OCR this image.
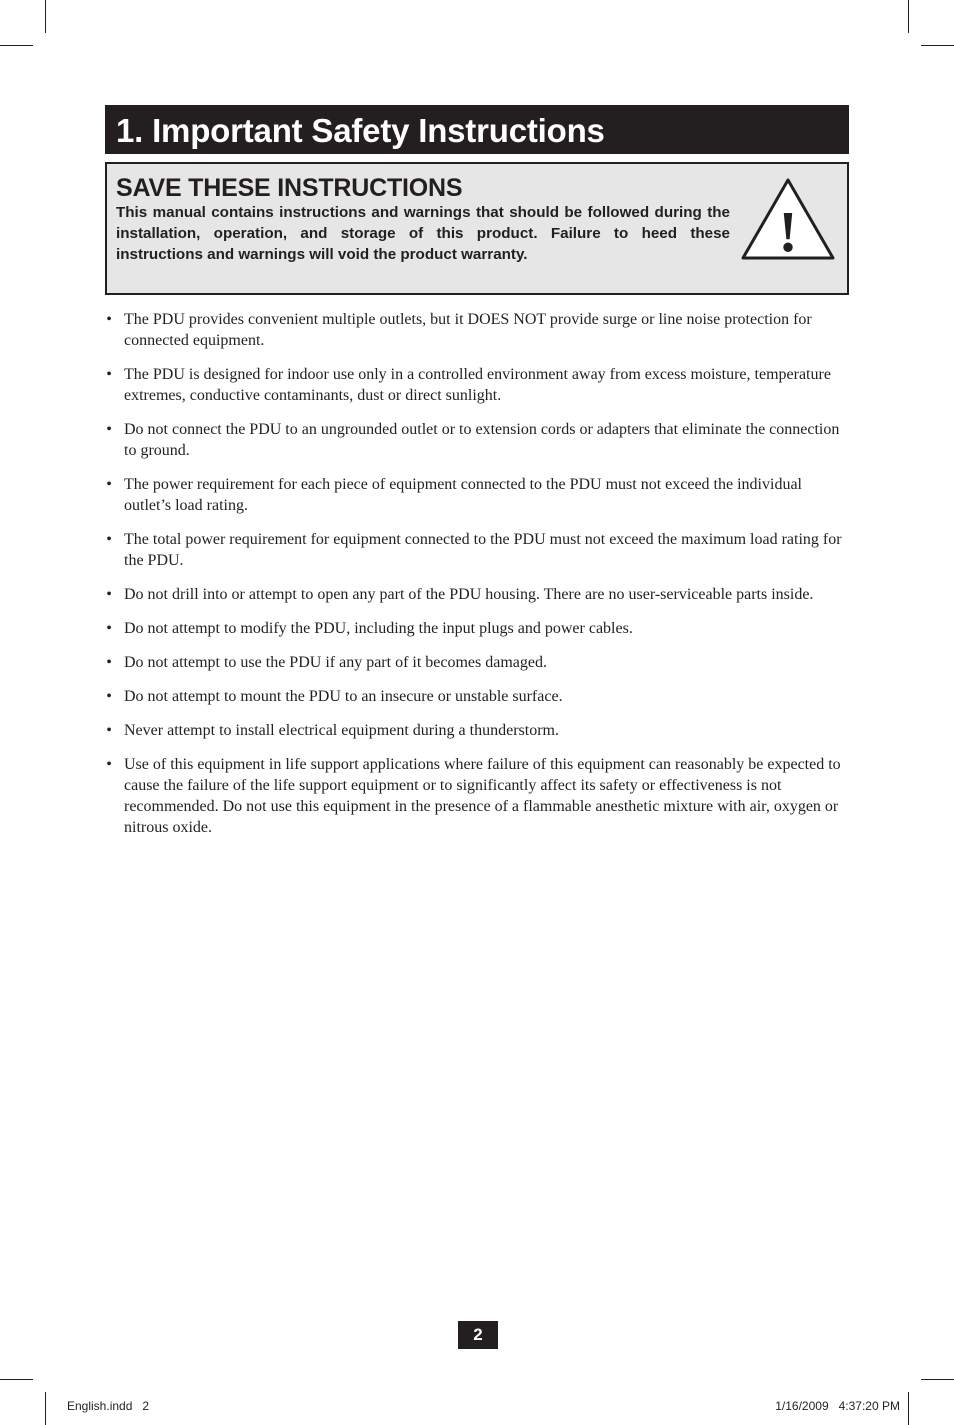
1. Important Safety Instructions
SAVE THESE INSTRUCTIONS
This manual contains instructions and warnings that should be followed during the installation, operation, and storage of this product. Failure to heed these instructions and warnings will void the product warranty.	!
• The PDU provides convenient multiple outlets, but it DOES NOT provide surge or line noise protection for connected equipment.
• The PDU is designed for indoor use only in a controlled environment away from excess moisture, temperature extremes, conductive contaminants, dust or direct sunlight.
• Do not connect the PDU to an ungrounded outlet or to extension cords or adapters that eliminate the connection to ground.
• The power requirement for each piece of equipment connected to the PDU must not exceed the individual outlet’s load rating.
• The total power requirement for equipment connected to the PDU must not exceed the maximum load rating for the PDU.
• Do not drill into or attempt to open any part of the PDU housing. There are no user-serviceable parts inside.
• Do not attempt to modify the PDU, including the input plugs and power cables.
• Do not attempt to use the PDU if any part of it becomes damaged.
• Do not attempt to mount the PDU to an insecure or unstable surface.
• Never attempt to install electrical equipment during a thunderstorm.
• Use of this equipment in life support applications where failure of this equipment can reasonably be expected to cause the failure of the life support equipment or to significantly affect its safety or effectiveness is not recommended. Do not use this equipment in the presence of a flammable anesthetic mixture with air, oxygen or nitrous oxide.
2
English.indd   2	1/16/2009   4:37:20 PM
